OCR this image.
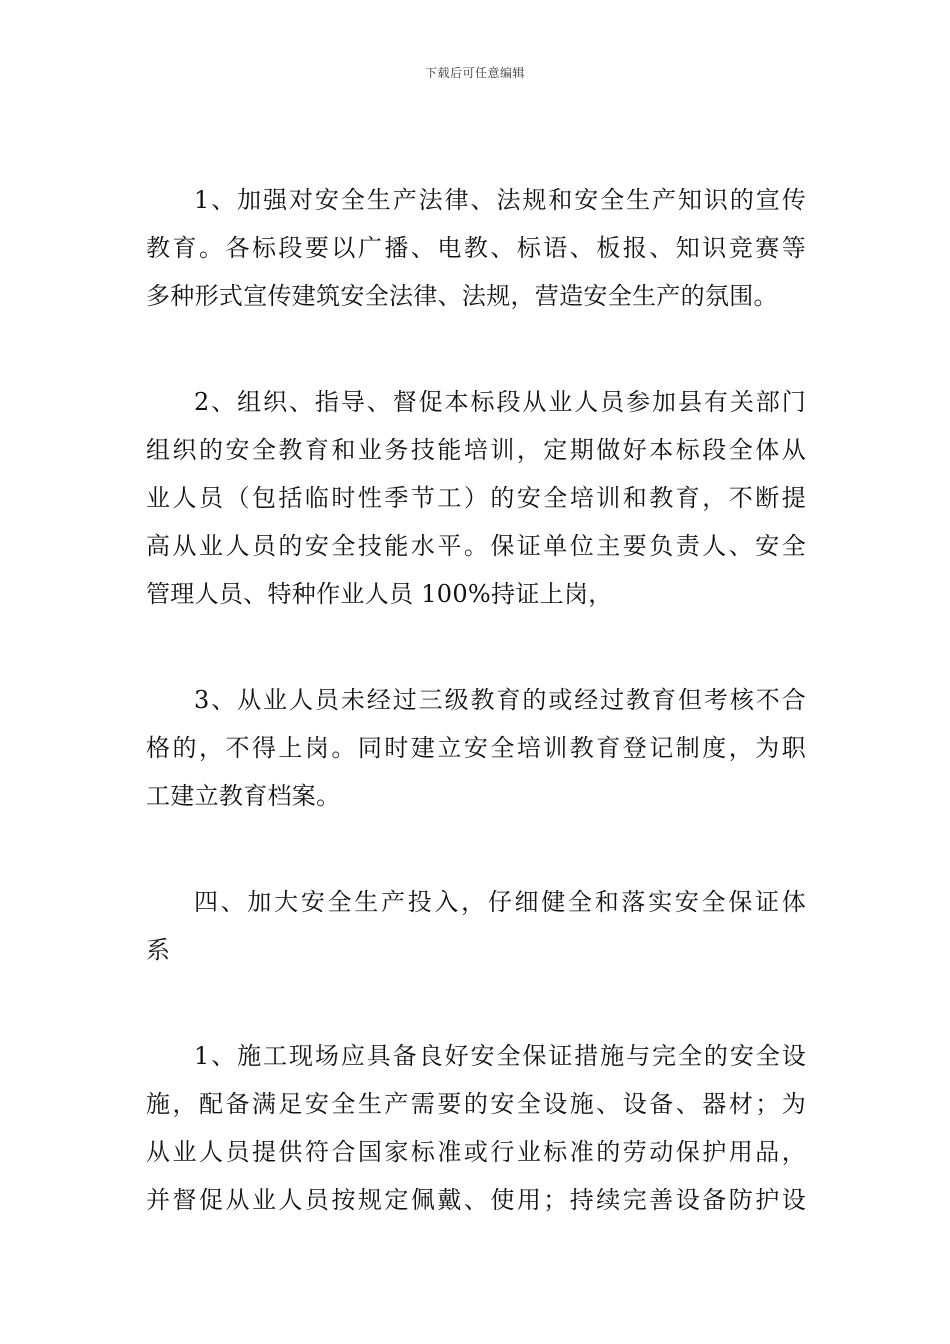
下载后可任意编辑
1、加强对安全生产法律、法规和安全生产知识的宣传
教育。各标段要以广播、电教、标语、板报、知识竞赛等
多种形式宣传建筑安全法律、法规，营造安全生产的氛围。
2、组织、指导、督促本标段从业人员参加县有关部门
组织的安全教育和业务技能培训，定期做好本标段全体从
业人员（包括临时性季节工）的安全培训和教育，不断提
高从业人员的安全技能水平。保证单位主要负责人、安全
管理人员、特种作业人员 100%持证上岗，
3、从业人员未经过三级教育的或经过教育但考核不合
格的，不得上岗。同时建立安全培训教育登记制度，为职
工建立教育档案。
四、加大安全生产投入，仔细健全和落实安全保证体
系
1、施工现场应具备良好安全保证措施与完全的安全设
施，配备满足安全生产需要的安全设施、设备、器材；为
从业人员提供符合国家标准或行业标准的劳动保护用品，
并督促从业人员按规定佩戴、使用；持续完善设备防护设
